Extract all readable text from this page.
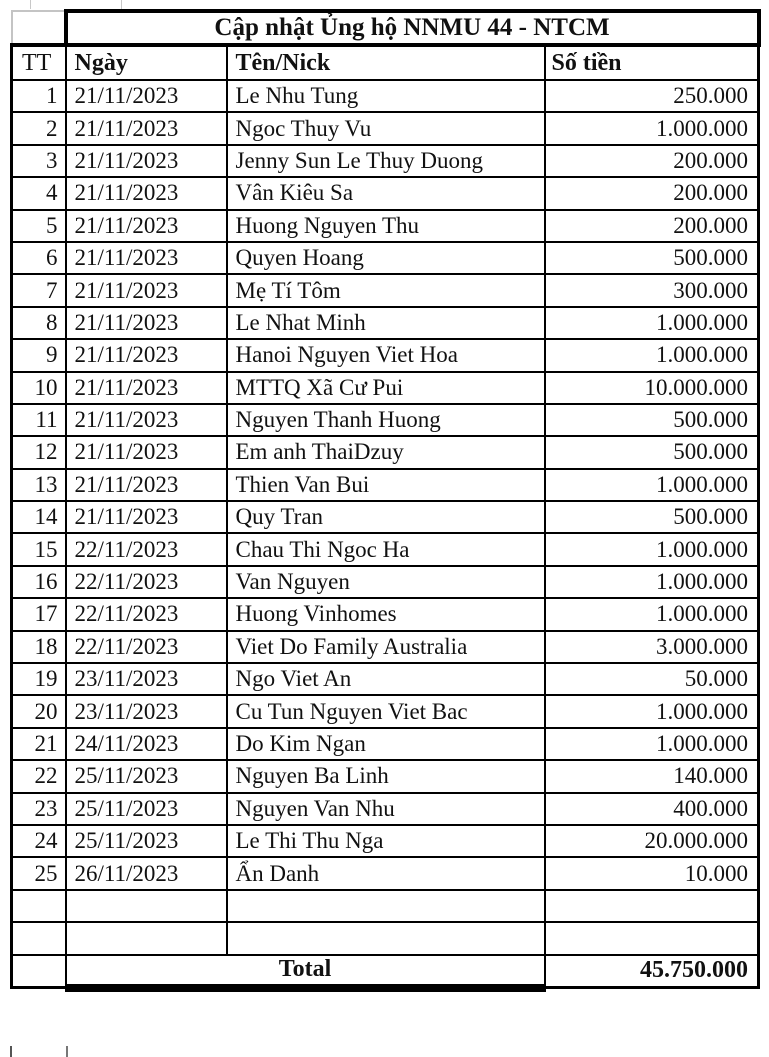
	Cập nhật Ủng hộ NNMU 44 - NTCM		
TT	Ngày	Tên/Nick	Số tiền
1	21/11/2023	Le Nhu Tung	250.000
2	21/11/2023	Ngoc Thuy Vu	1.000.000
3	21/11/2023	Jenny Sun Le Thuy Duong	200.000
4	21/11/2023	Vân Kiêu Sa	200.000
5	21/11/2023	Huong Nguyen Thu	200.000
6	21/11/2023	Quyen Hoang	500.000
7	21/11/2023	Mẹ Tí Tôm	300.000
8	21/11/2023	Le Nhat Minh	1.000.000
9	21/11/2023	Hanoi Nguyen Viet Hoa	1.000.000
10	21/11/2023	MTTQ Xã Cư Pui	10.000.000
11	21/11/2023	Nguyen Thanh Huong	500.000
12	21/11/2023	Em anh ThaiDzuy	500.000
13	21/11/2023	Thien Van Bui	1.000.000
14	21/11/2023	Quy Tran	500.000
15	22/11/2023	Chau Thi Ngoc Ha	1.000.000
16	22/11/2023	Van Nguyen	1.000.000
17	22/11/2023	Huong Vinhomes	1.000.000
18	22/11/2023	Viet Do Family Australia	3.000.000
19	23/11/2023	Ngo Viet An	50.000
20	23/11/2023	Cu Tun Nguyen Viet Bac	1.000.000
21	24/11/2023	Do Kim Ngan	1.000.000
22	25/11/2023	Nguyen Ba Linh	140.000
23	25/11/2023	Nguyen Van Nhu	400.000
24	25/11/2023	Le Thi Thu Nga	20.000.000
25	26/11/2023	Ẩn Danh	10.000

	Total		45.750.000
